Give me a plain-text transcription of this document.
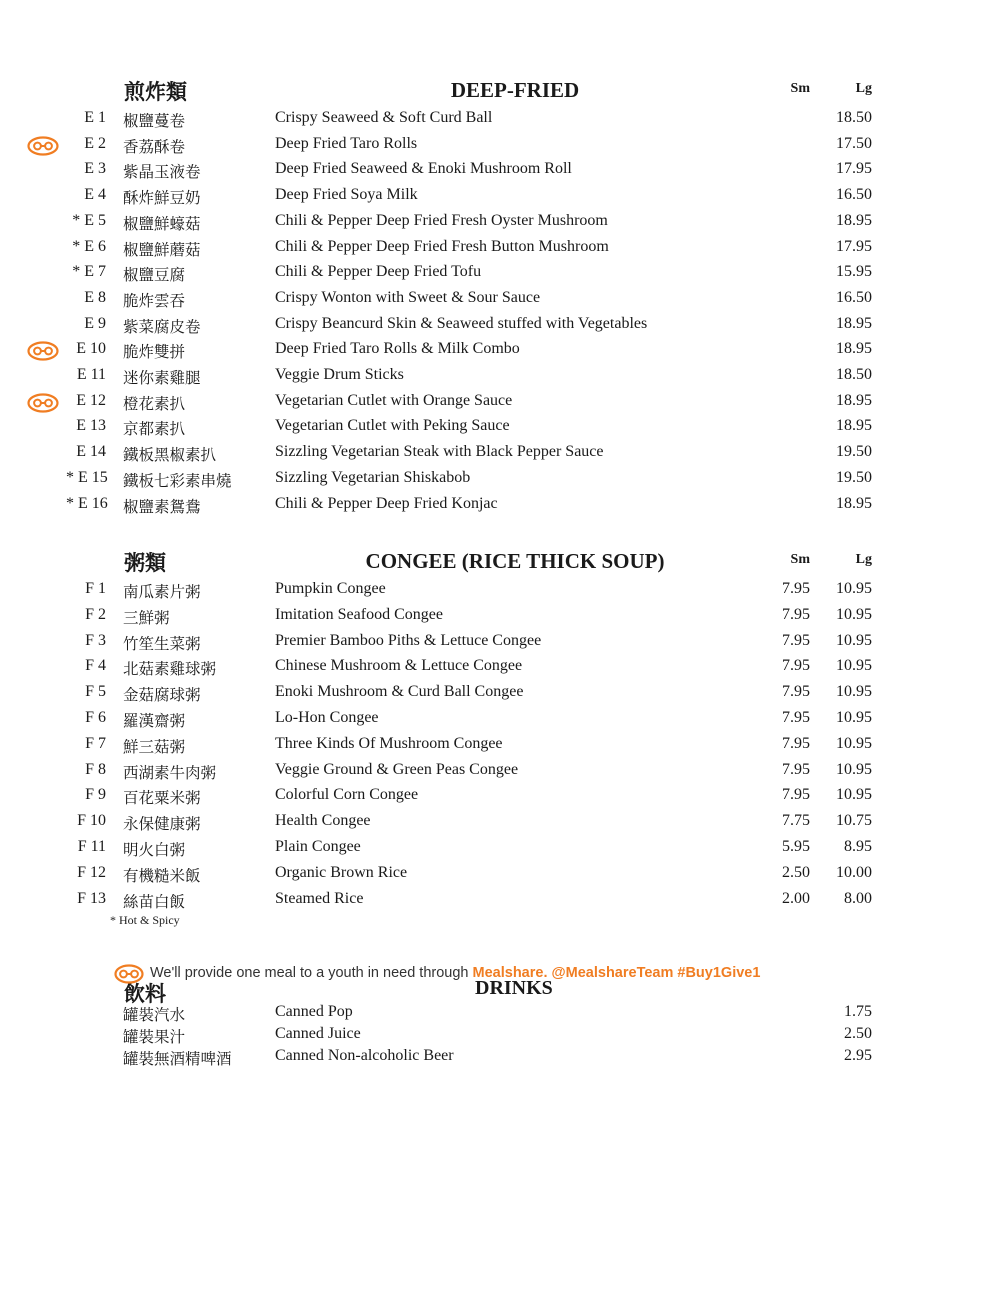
煎炸類	DEEP-FRIED	Sm	Lg
E 1 椒鹽蔓卷	Crispy Seaweed & Soft Curd Ball	18.50
E 2 香荔酥卷	Deep Fried Taro Rolls	17.50
E 3 紫晶玉液卷	Deep Fried Seaweed & Enoki Mushroom Roll	17.95
E 4 酥炸鮮豆奶	Deep Fried Soya Milk	16.50
* E 5 椒鹽鮮蠔菇	Chili & Pepper Deep Fried Fresh Oyster Mushroom	18.95
* E 6 椒鹽鮮蘑菇	Chili & Pepper Deep Fried Fresh Button Mushroom	17.95
* E 7 椒鹽豆腐	Chili & Pepper Deep Fried Tofu	15.95
E 8 脆炸雲吞	Crispy Wonton with Sweet & Sour Sauce	16.50
E 9 紫菜腐皮卷	Crispy Beancurd Skin & Seaweed stuffed with Vegetables	18.95
E 10 脆炸雙拼	Deep Fried Taro Rolls & Milk Combo	18.95
E 11 迷你素雞腿	Veggie Drum Sticks	18.50
E 12 橙花素扒	Vegetarian Cutlet with Orange Sauce	18.95
E 13 京都素扒	Vegetarian Cutlet with Peking Sauce	18.95
E 14 鐵板黑椒素扒	Sizzling Vegetarian Steak with Black Pepper Sauce	19.50
* E 15 鐵板七彩素串燒	Sizzling Vegetarian Shiskabob	19.50
* E 16 椒鹽素鴛鴦	Chili & Pepper Deep Fried Konjac	18.95
粥類	CONGEE (RICE THICK SOUP)	Sm	Lg
F 1 南瓜素片粥	Pumpkin Congee	7.95 10.95
F 2 三鮮粥	Imitation Seafood Congee	7.95 10.95
F 3 竹笙生菜粥	Premier Bamboo Piths & Lettuce Congee	7.95 10.95
F 4 北菇素雞球粥	Chinese Mushroom & Lettuce Congee	7.95 10.95
F 5 金菇腐球粥	Enoki Mushroom & Curd Ball Congee	7.95 10.95
F 6 羅漢齋粥	Lo-Hon Congee	7.95 10.95
F 7 鮮三菇粥	Three Kinds Of Mushroom Congee	7.95 10.95
F 8 西湖素牛肉粥	Veggie Ground & Green Peas Congee	7.95 10.95
F 9 百花粟米粥	Colorful Corn Congee	7.95 10.95
F 10 永保健康粥	Health Congee	7.75 10.75
F 11 明火白粥	Plain Congee	5.95 8.95
F 12 有機糙米飯	Organic Brown Rice	2.50 10.00
F 13 絲苗白飯	Steamed Rice	2.00 8.00
* Hot & Spicy
飲料	DRINKS
We'll provide one meal to a youth in need through Mealshare. @MealshareTeam #Buy1Give1
罐裝汽水	Canned Pop	1.75
罐裝果汁	Canned Juice	2.50
罐裝無酒精啤酒	Canned Non-alcoholic Beer	2.95
